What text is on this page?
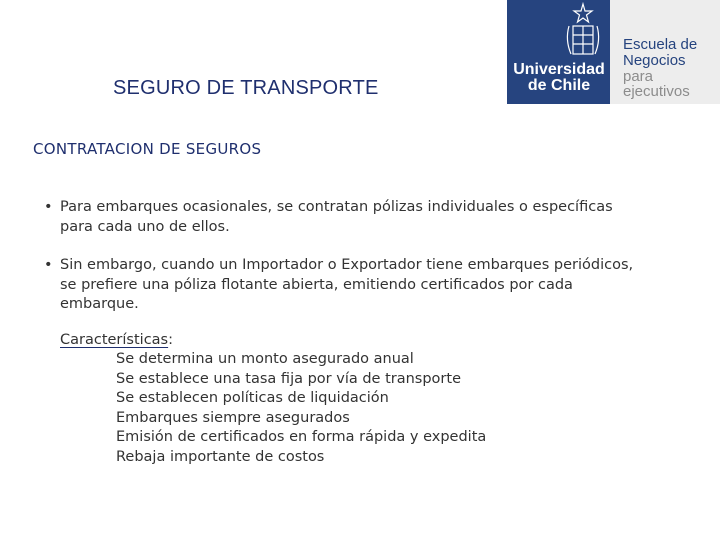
SEGURO DE TRANSPORTE
Universidad
de Chile
Escuela de
Negocios
para
ejecutivos
CONTRATACION DE SEGUROS
• Para embarques ocasionales, se contratan pólizas individuales o específicas para cada uno de ellos.
• Sin embargo, cuando un Importador o Exportador tiene embarques periódicos, se prefiere una póliza flotante abierta, emitiendo certificados por cada embarque.
Características:
Se determina un monto asegurado anual
Se establece una tasa fija por vía de transporte
Se establecen políticas de liquidación
Embarques siempre asegurados
Emisión de certificados en forma rápida y expedita
Rebaja importante de costos
